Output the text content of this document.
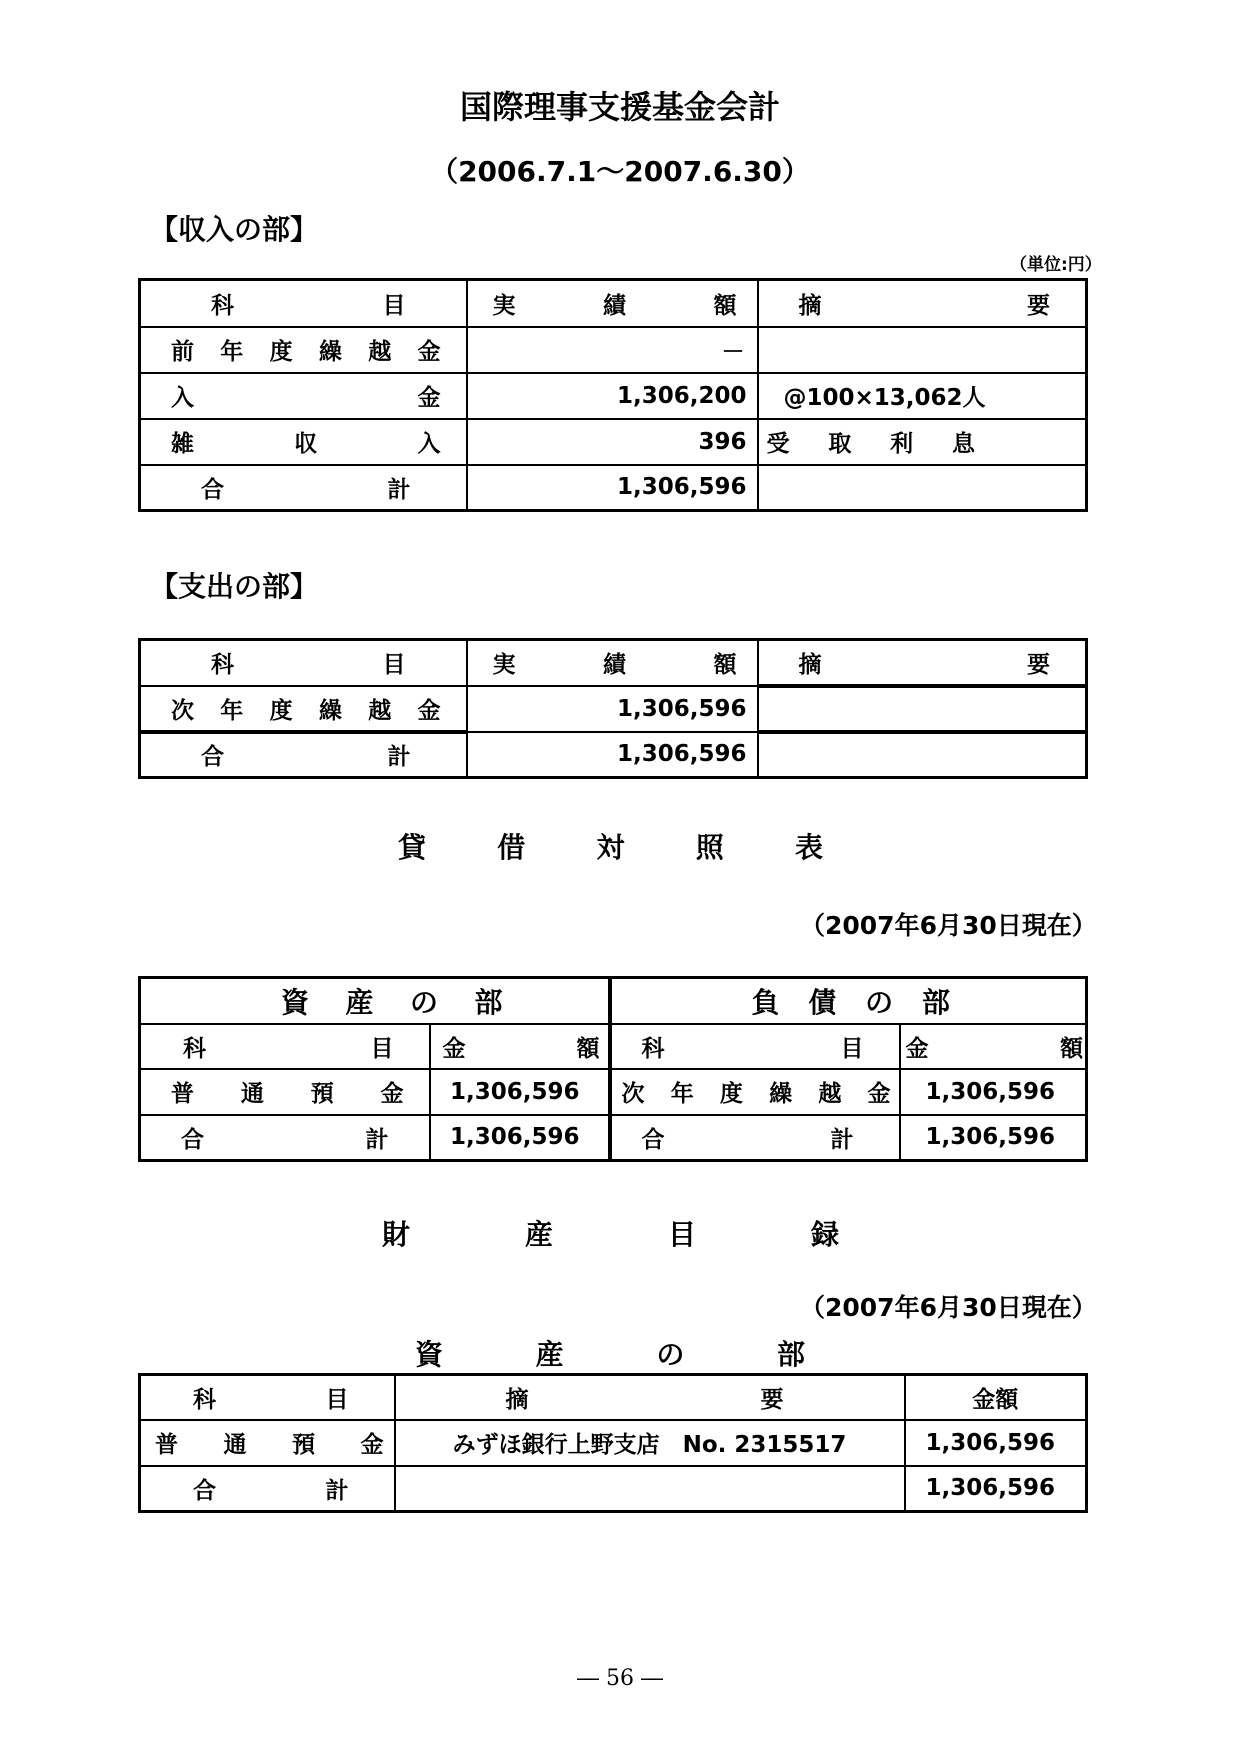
国際理事支援基金会計
（2006.7.1～2007.6.30）
【収入の部】
（単位:円）
科目	実績額	摘要
前年度繰越金	－	
入金	1,306,200	@100×13,062人
雑収入	396	受取利息
合計	1,306,596	
【支出の部】
科目	実績額	摘要
次年度繰越金	1,306,596	
合計	1,306,596	
貸借対照表
（2007年6月30日現在）
資産の部		負債の部	
科目	金額	科目	金額
普通預金	1,306,596	次年度繰越金	1,306,596
合計	1,306,596	合計	1,306,596
財産目録
（2007年6月30日現在）
資産の部
科目	摘要	金額
普通預金	みずほ銀行上野支店　No. 2315517	1,306,596
合計		1,306,596
― 56 ―
